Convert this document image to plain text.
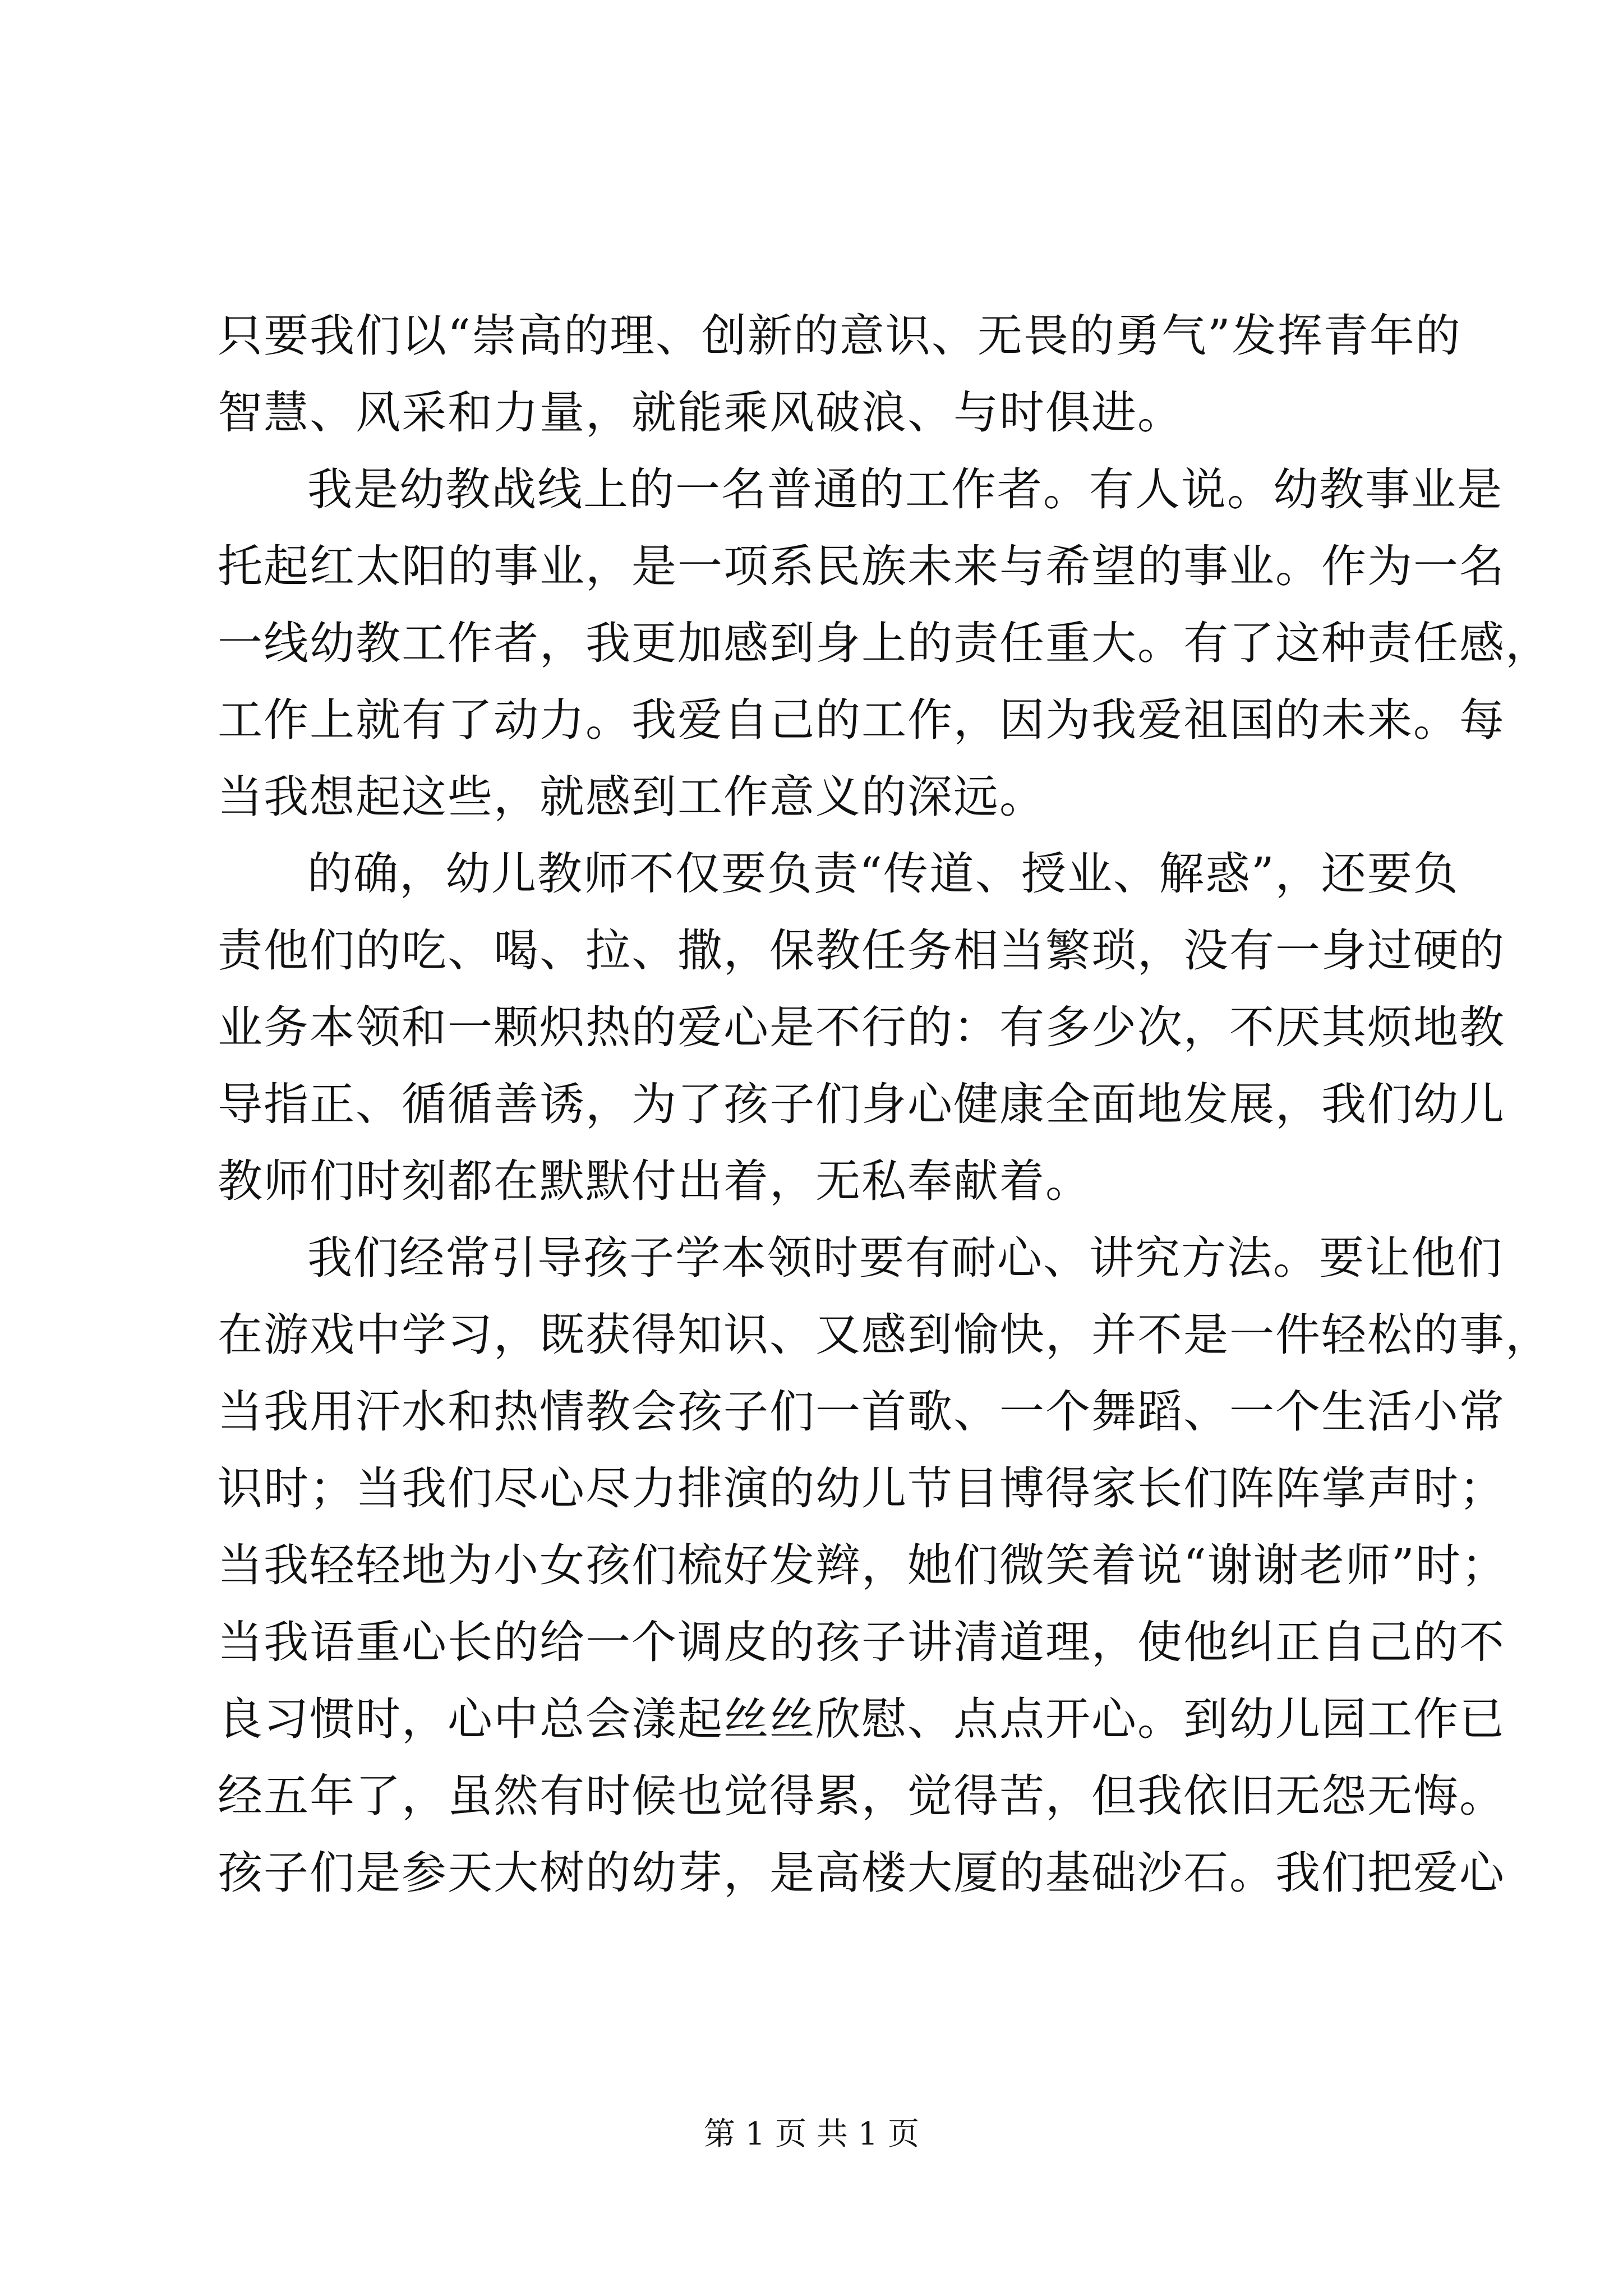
只要我们以“崇高的理、创新的意识、无畏的勇气”发挥青年的
智慧、风采和力量，就能乘风破浪、与时俱进。
我是幼教战线上的一名普通的工作者。有人说。幼教事业是
托起红太阳的事业，是一项系民族未来与希望的事业。作为一名
一线幼教工作者，我更加感到身上的责任重大。有了这种责任感，
工作上就有了动力。我爱自己的工作，因为我爱祖国的未来。每
当我想起这些，就感到工作意义的深远。
的确，幼儿教师不仅要负责“传道、授业、解惑”，还要负
责他们的吃、喝、拉、撒，保教任务相当繁琐，没有一身过硬的
业务本领和一颗炽热的爱心是不行的：有多少次，不厌其烦地教
导指正、循循善诱，为了孩子们身心健康全面地发展，我们幼儿
教师们时刻都在默默付出着，无私奉献着。
我们经常引导孩子学本领时要有耐心、讲究方法。要让他们
在游戏中学习，既获得知识、又感到愉快，并不是一件轻松的事，
当我用汗水和热情教会孩子们一首歌、一个舞蹈、一个生活小常
识时；当我们尽心尽力排演的幼儿节目博得家长们阵阵掌声时；
当我轻轻地为小女孩们梳好发辫，她们微笑着说“谢谢老师”时；
当我语重心长的给一个调皮的孩子讲清道理，使他纠正自己的不
良习惯时，心中总会漾起丝丝欣慰、点点开心。到幼儿园工作已
经五年了，虽然有时候也觉得累，觉得苦，但我依旧无怨无悔。
孩子们是参天大树的幼芽，是高楼大厦的基础沙石。我们把爱心
第 1 页 共 1 页
